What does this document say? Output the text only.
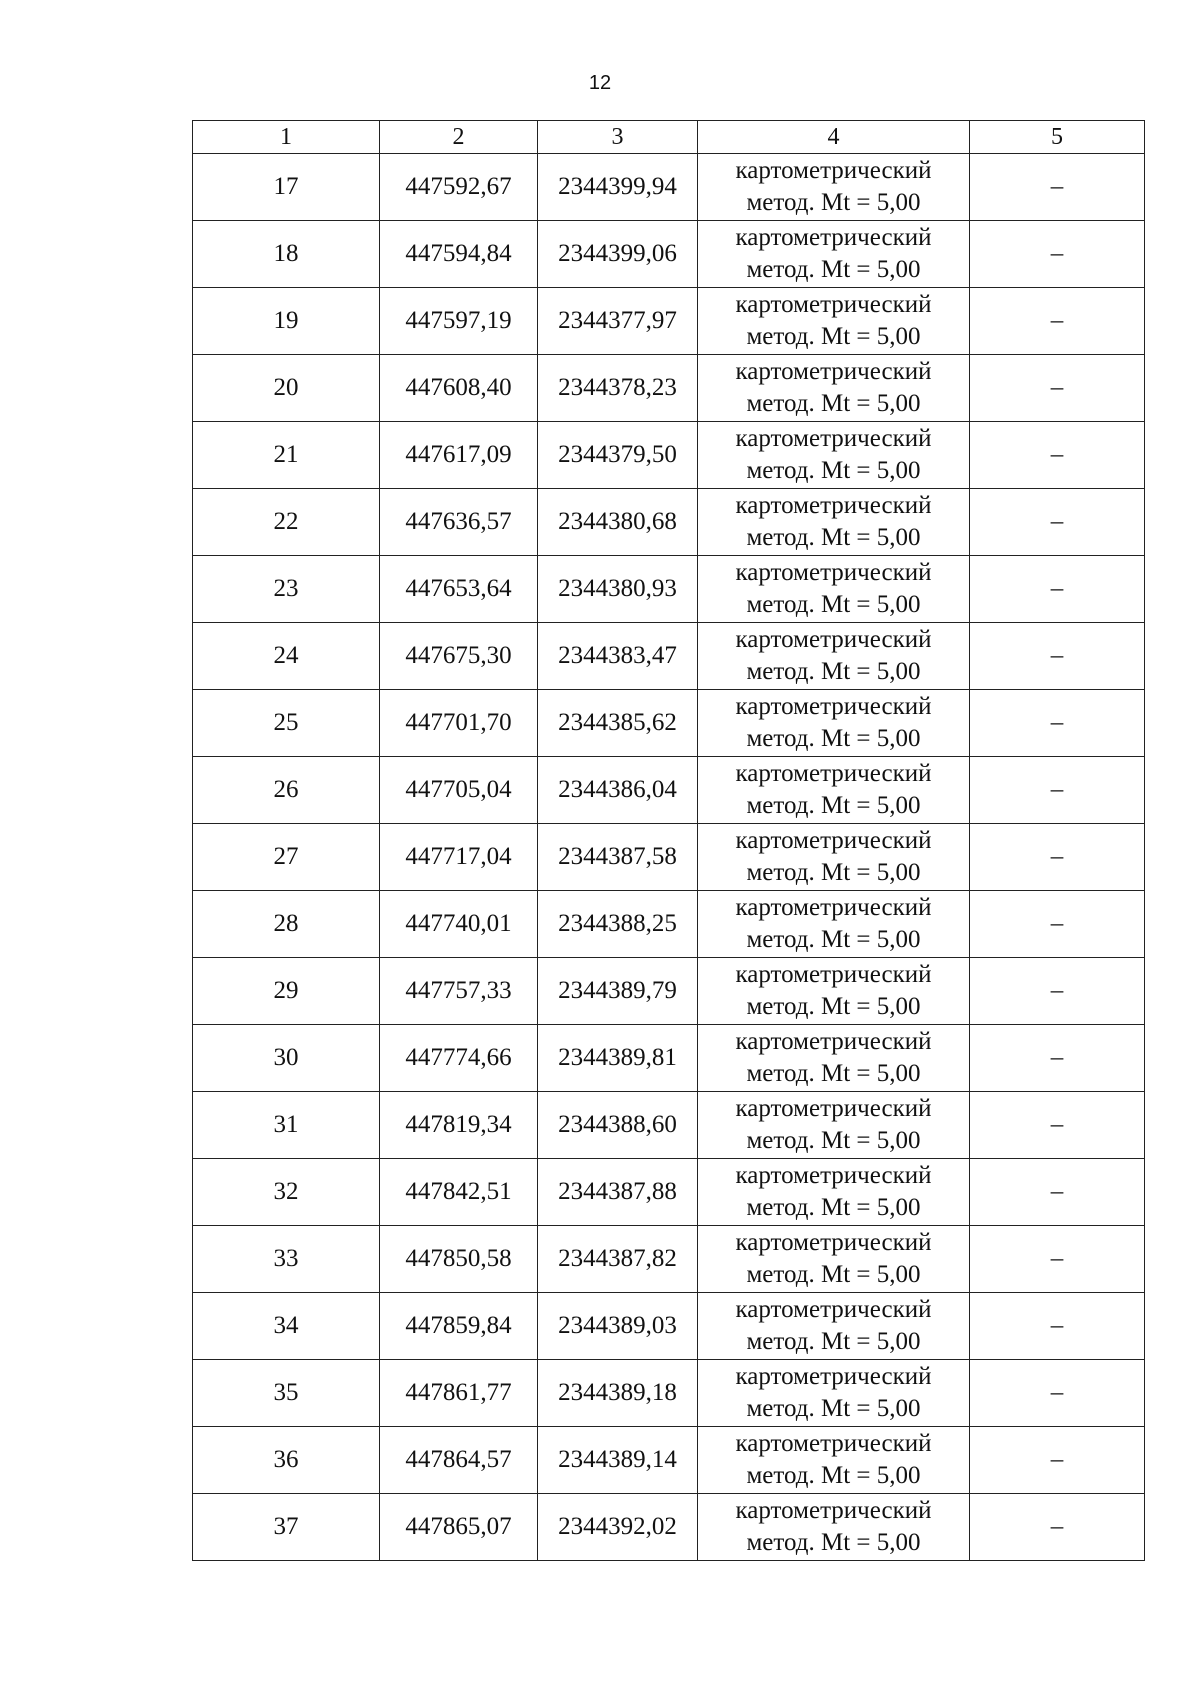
12
1	2	3	4	5
17	447592,67	2344399,94	картометрический
метод. Mt = 5,00	–
18	447594,84	2344399,06	картометрический
метод. Mt = 5,00	–
19	447597,19	2344377,97	картометрический
метод. Mt = 5,00	–
20	447608,40	2344378,23	картометрический
метод. Mt = 5,00	–
21	447617,09	2344379,50	картометрический
метод. Mt = 5,00	–
22	447636,57	2344380,68	картометрический
метод. Mt = 5,00	–
23	447653,64	2344380,93	картометрический
метод. Mt = 5,00	–
24	447675,30	2344383,47	картометрический
метод. Mt = 5,00	–
25	447701,70	2344385,62	картометрический
метод. Mt = 5,00	–
26	447705,04	2344386,04	картометрический
метод. Mt = 5,00	–
27	447717,04	2344387,58	картометрический
метод. Mt = 5,00	–
28	447740,01	2344388,25	картометрический
метод. Mt = 5,00	–
29	447757,33	2344389,79	картометрический
метод. Mt = 5,00	–
30	447774,66	2344389,81	картометрический
метод. Mt = 5,00	–
31	447819,34	2344388,60	картометрический
метод. Mt = 5,00	–
32	447842,51	2344387,88	картометрический
метод. Mt = 5,00	–
33	447850,58	2344387,82	картометрический
метод. Mt = 5,00	–
34	447859,84	2344389,03	картометрический
метод. Mt = 5,00	–
35	447861,77	2344389,18	картометрический
метод. Mt = 5,00	–
36	447864,57	2344389,14	картометрический
метод. Mt = 5,00	–
37	447865,07	2344392,02	картометрический
метод. Mt = 5,00	–
